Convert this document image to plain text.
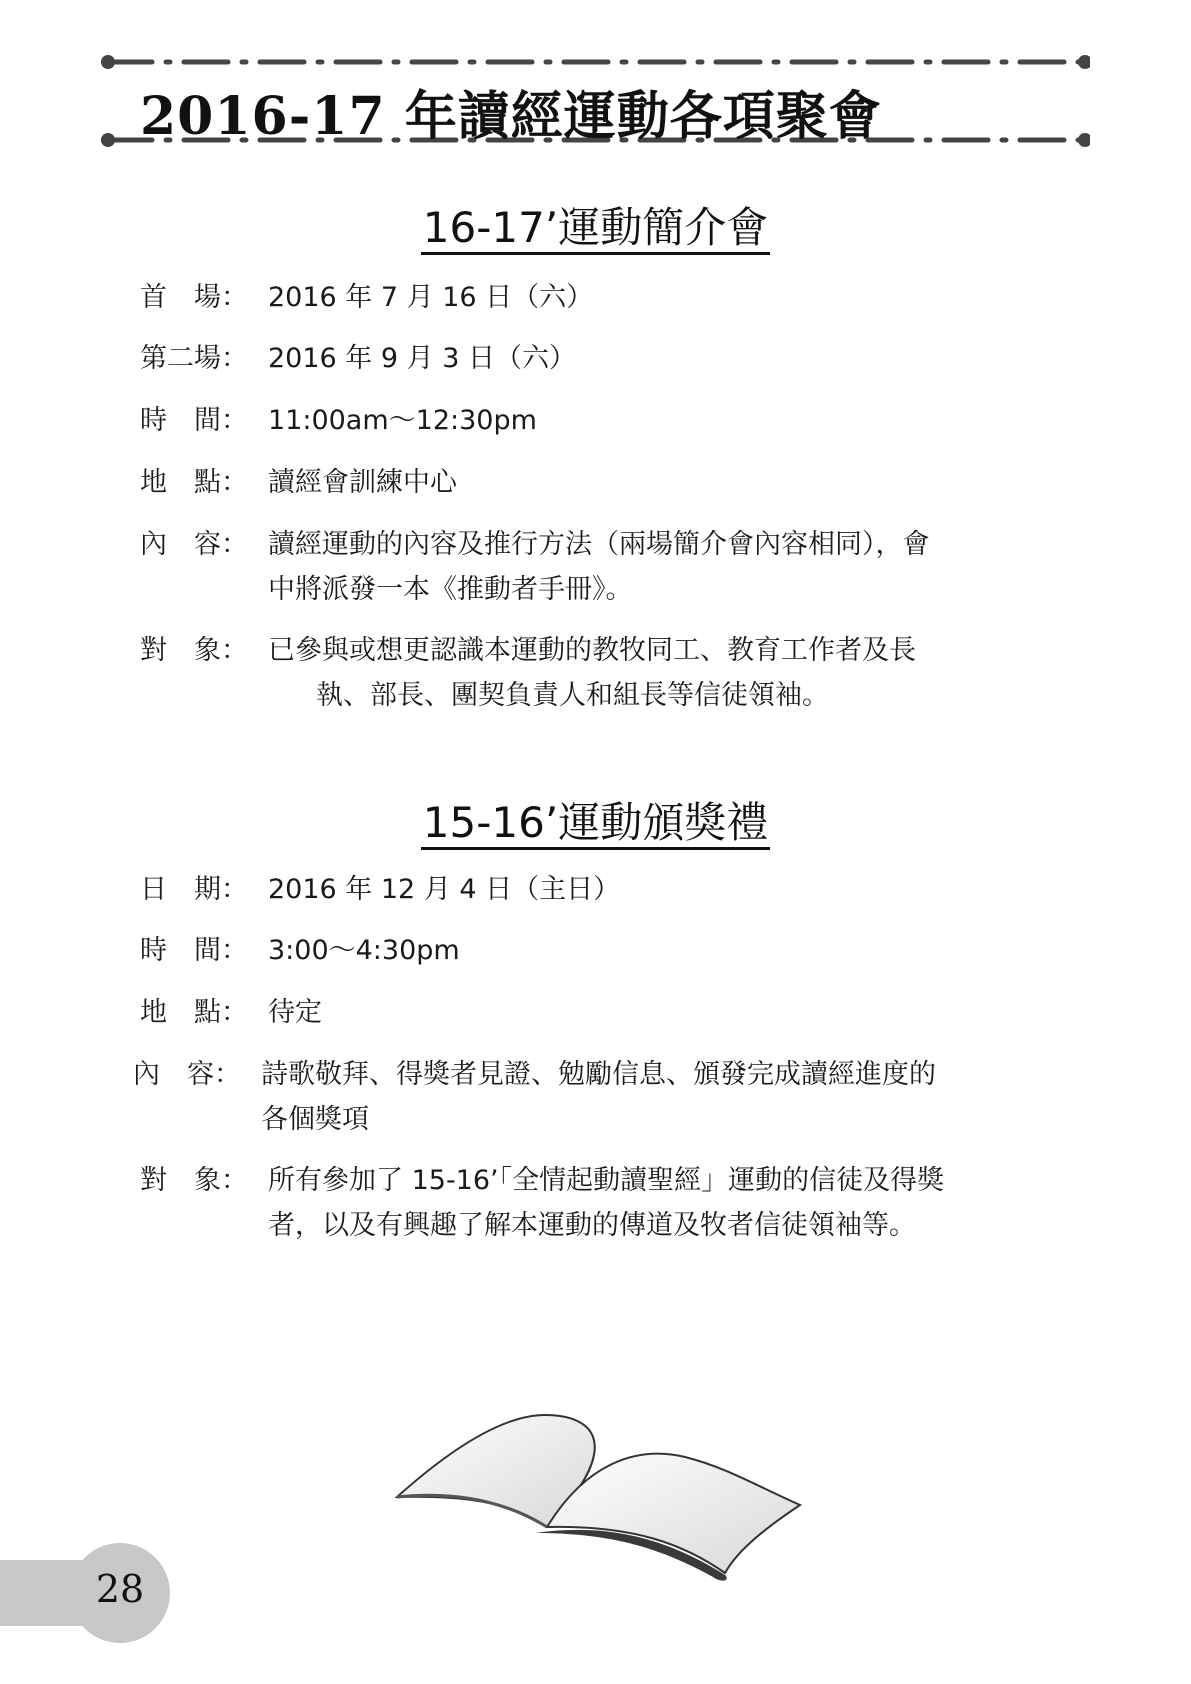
2016-17 年讀經運動各項聚會
16-17’運動簡介會
首　場： 2016 年 7 月 16 日（六）
第二場： 2016 年 9 月 3 日（六）
時　間： 11:00am～12:30pm
地　點： 讀經會訓練中心
內　容： 讀經運動的內容及推行方法（兩場簡介會內容相同），會
中將派發一本《推動者手冊》。
對　象： 已參與或想更認識本運動的教牧同工、教育工作者及長
執、部長、團契負責人和組長等信徒領袖。
15-16’運動頒獎禮
日　期： 2016 年 12 月 4 日（主日）
時　間： 3:00～4:30pm
地　點： 待定
內　容： 詩歌敬拜、得獎者見證、勉勵信息、頒發完成讀經進度的
各個獎項
對　象： 所有參加了 15-16’「全情起動讀聖經」運動的信徒及得獎
者，以及有興趣了解本運動的傳道及牧者信徒領袖等。
28
